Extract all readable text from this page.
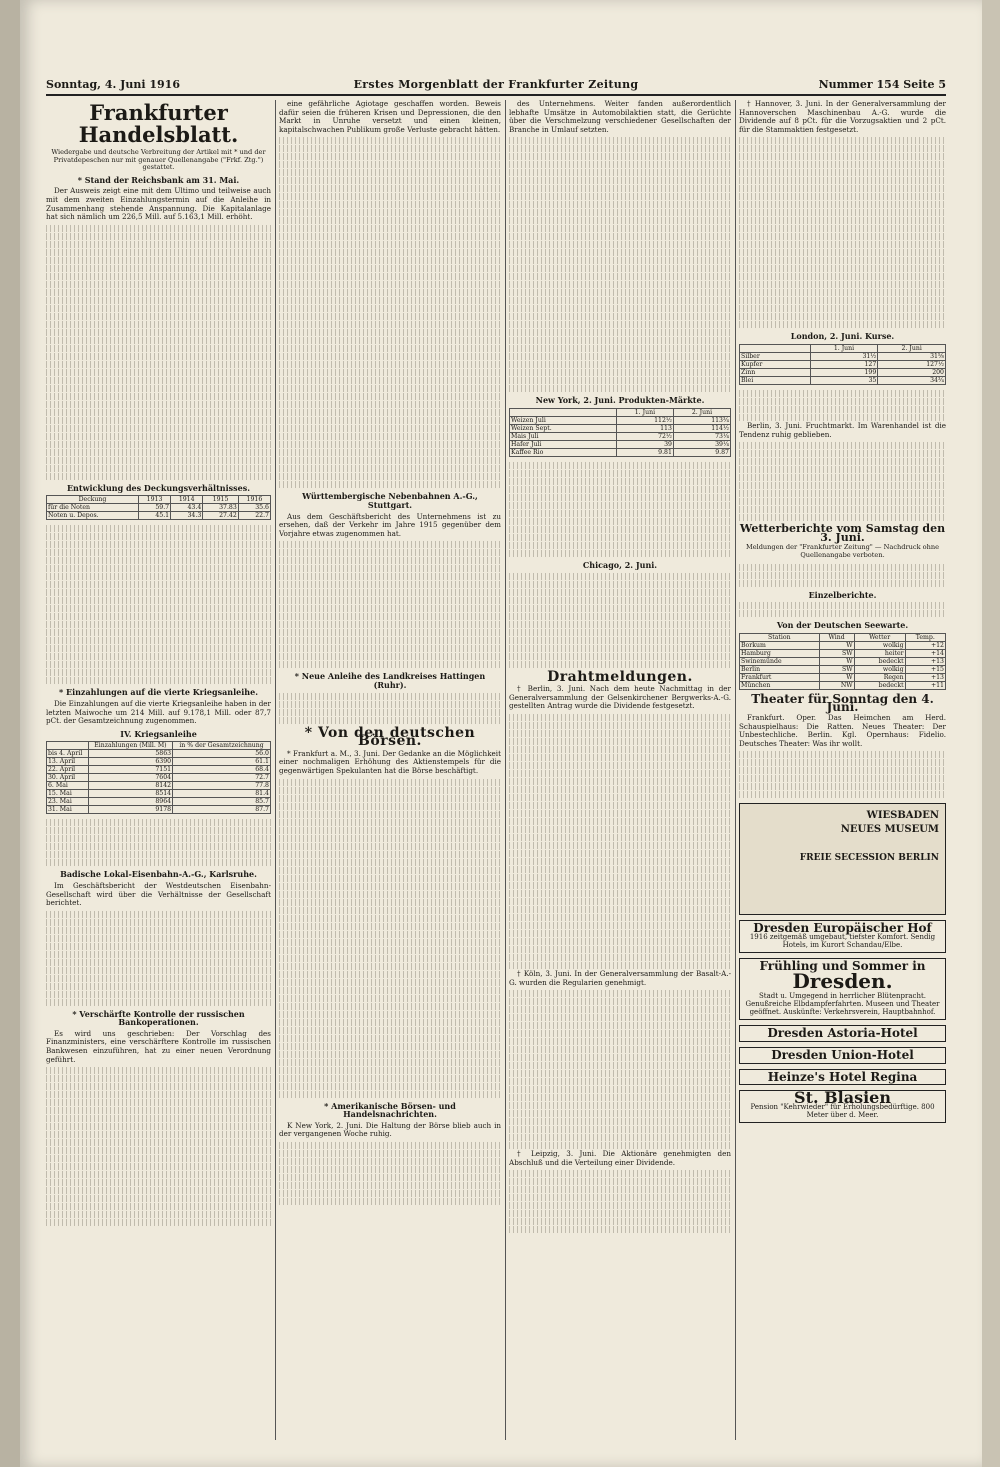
Sonntag, 4. Juni 1916	Erstes Morgenblatt der Frankfurter Zeitung	Nummer 154 Seite 5
Frankfurter Handelsblatt.
Wiedergabe und deutsche Verbreitung der Artikel mit * und der Privatdepeschen nur mit genauer Quellenangabe ("Frkf. Ztg.") gestattet.
* Stand der Reichsbank am 31. Mai.

Der Ausweis zeigt eine mit dem Ultimo und teilweise auch mit dem zweiten Einzahlungstermin auf die Anleihe in Zusammenhang stehende Anspannung. Die Kapitalanlage hat sich nämlich um 226,5 Mill. auf 5.163,1 Mill. erhöht.

Entwicklung des Deckungsverhältnisses.
Deckung	1913	1914	1915	1916
für die Noten	59.7	43.4	37.83	35.6
Noten u. Depos.	45.1	34.3	27.42	22.7
* Einzahlungen auf die vierte Kriegsanleihe.

Die Einzahlungen auf die vierte Kriegsanleihe haben in der letzten Maiwoche um 214 Mill. auf 9.178,1 Mill. oder 87,7 pCt. der Gesamtzeichnung zugenommen.

IV. Kriegsanleihe
	Einzahlungen (Mill. M)	in % der Gesamtzeichnung
bis 4. April	5863	56.0
13. April	6390	61.1
22. April	7151	68.4
30. April	7604	72.7
6. Mai	8142	77.8
15. Mai	8514	81.4
23. Mai	8964	85.7
31. Mai	9178	87.7
Badische Lokal-Eisenbahn-A.-G., Karlsruhe.

Im Geschäftsbericht der Westdeutschen Eisenbahn-Gesellschaft wird über die Verhältnisse der Gesellschaft berichtet.

* Verschärfte Kontrolle der russischen Bankoperationen.

Es wird uns geschrieben: Der Vorschlag des Finanzministers, eine verschärftere Kontrolle im russischen Bankwesen einzuführen, hat zu einer neuen Verordnung geführt.

eine gefährliche Agiotage geschaffen worden. Beweis dafür seien die früheren Krisen und Depressionen, die den Markt in Unruhe versetzt und einen kleinen, kapitalschwachen Publikum große Verluste gebracht hätten.

Württembergische Nebenbahnen A.-G., Stuttgart.

Aus dem Geschäftsbericht des Unternehmens ist zu ersehen, daß der Verkehr im Jahre 1915 gegenüber dem Vorjahre etwas zugenommen hat.

* Neue Anleihe des Landkreises Hattingen (Ruhr).
* Von den deutschen Börsen.

* Frankfurt a. M., 3. Juni. Der Gedanke an die Möglichkeit einer nochmaligen Erhöhung des Aktienstempels für die gegenwärtigen Spekulanten hat die Börse beschäftigt.

* Amerikanische Börsen- und Handelsnachrichten.

K New York, 2. Juni. Die Haltung der Börse blieb auch in der vergangenen Woche ruhig.

des Unternehmens. Weiter fanden außerordentlich lebhafte Umsätze in Automobilaktien statt, die Gerüchte über die Verschmelzung verschiedener Gesellschaften der Branche in Umlauf setzten.

New York, 2. Juni. Produkten-Märkte.
	1. Juni	2. Juni
Weizen Juli	112½	113¾
Weizen Sept.	113	114½
Mais Juli	72½	73¼
Hafer Juli	39	39¼
Kaffee Rio	9.81	9.87
Chicago, 2. Juni.
Drahtmeldungen.

† Berlin, 3. Juni. Nach dem heute Nachmittag in der Generalversammlung der Gelsenkirchener Bergwerks-A.-G. gestellten Antrag wurde die Dividende festgesetzt.

† Köln, 3. Juni. In der Generalversammlung der Basalt-A.-G. wurden die Regularien genehmigt.

† Leipzig, 3. Juni. Die Aktionäre genehmigten den Abschluß und die Verteilung einer Dividende.

† Hannover, 3. Juni. In der Generalversammlung der Hannoverschen Maschinenbau A.-G. wurde die Dividende auf 8 pCt. für die Vorzugsaktien und 2 pCt. für die Stammaktien festgesetzt.

London, 2. Juni. Kurse.
	1. Juni	2. Juni
Silber	31½	31⅝
Kupfer	127	127½
Zinn	199	200
Blei	35	34¾

Berlin, 3. Juni. Fruchtmarkt. Im Warenhandel ist die Tendenz ruhig geblieben.

Wetterberichte vom Samstag den 3. Juni.
Meldungen der "Frankfurter Zeitung" — Nachdruck ohne Quellenangabe verboten.
Einzelberichte.
Von der Deutschen Seewarte.
Station	Wind	Wetter	Temp.
Borkum	W	wolkig	+12
Hamburg	SW	heiter	+14
Swinemünde	W	bedeckt	+13
Berlin	SW	wolkig	+15
Frankfurt	W	Regen	+13
München	NW	bedeckt	+11
Theater für Sonntag den 4. Juni.

Frankfurt. Oper. Das Heimchen am Herd. Schauspielhaus: Die Ratten. Neues Theater: Der Unbestechliche. Berlin. Kgl. Opernhaus: Fidelio. Deutsches Theater: Was ihr wollt.

WIESBADEN
NEUES MUSEUM
FREIE SECESSION BERLIN
Dresden Europäischer Hof
1916 zeitgemäß umgebaut, tiefster Komfort. Sendig Hotels, im Kurort Schandau/Elbe.
Frühling und Sommer in
Dresden.
Stadt u. Umgegend in herrlicher Blütenpracht. Genußreiche Elbdampferfahrten. Museen und Theater geöffnet. Auskünfte: Verkehrsverein, Hauptbahnhof.
Dresden Astoria-Hotel
Dresden Union-Hotel
Heinze's Hotel Regina
St. Blasien
Pension "Kehrwieder" für Erholungsbedürftige. 800 Meter über d. Meer.
